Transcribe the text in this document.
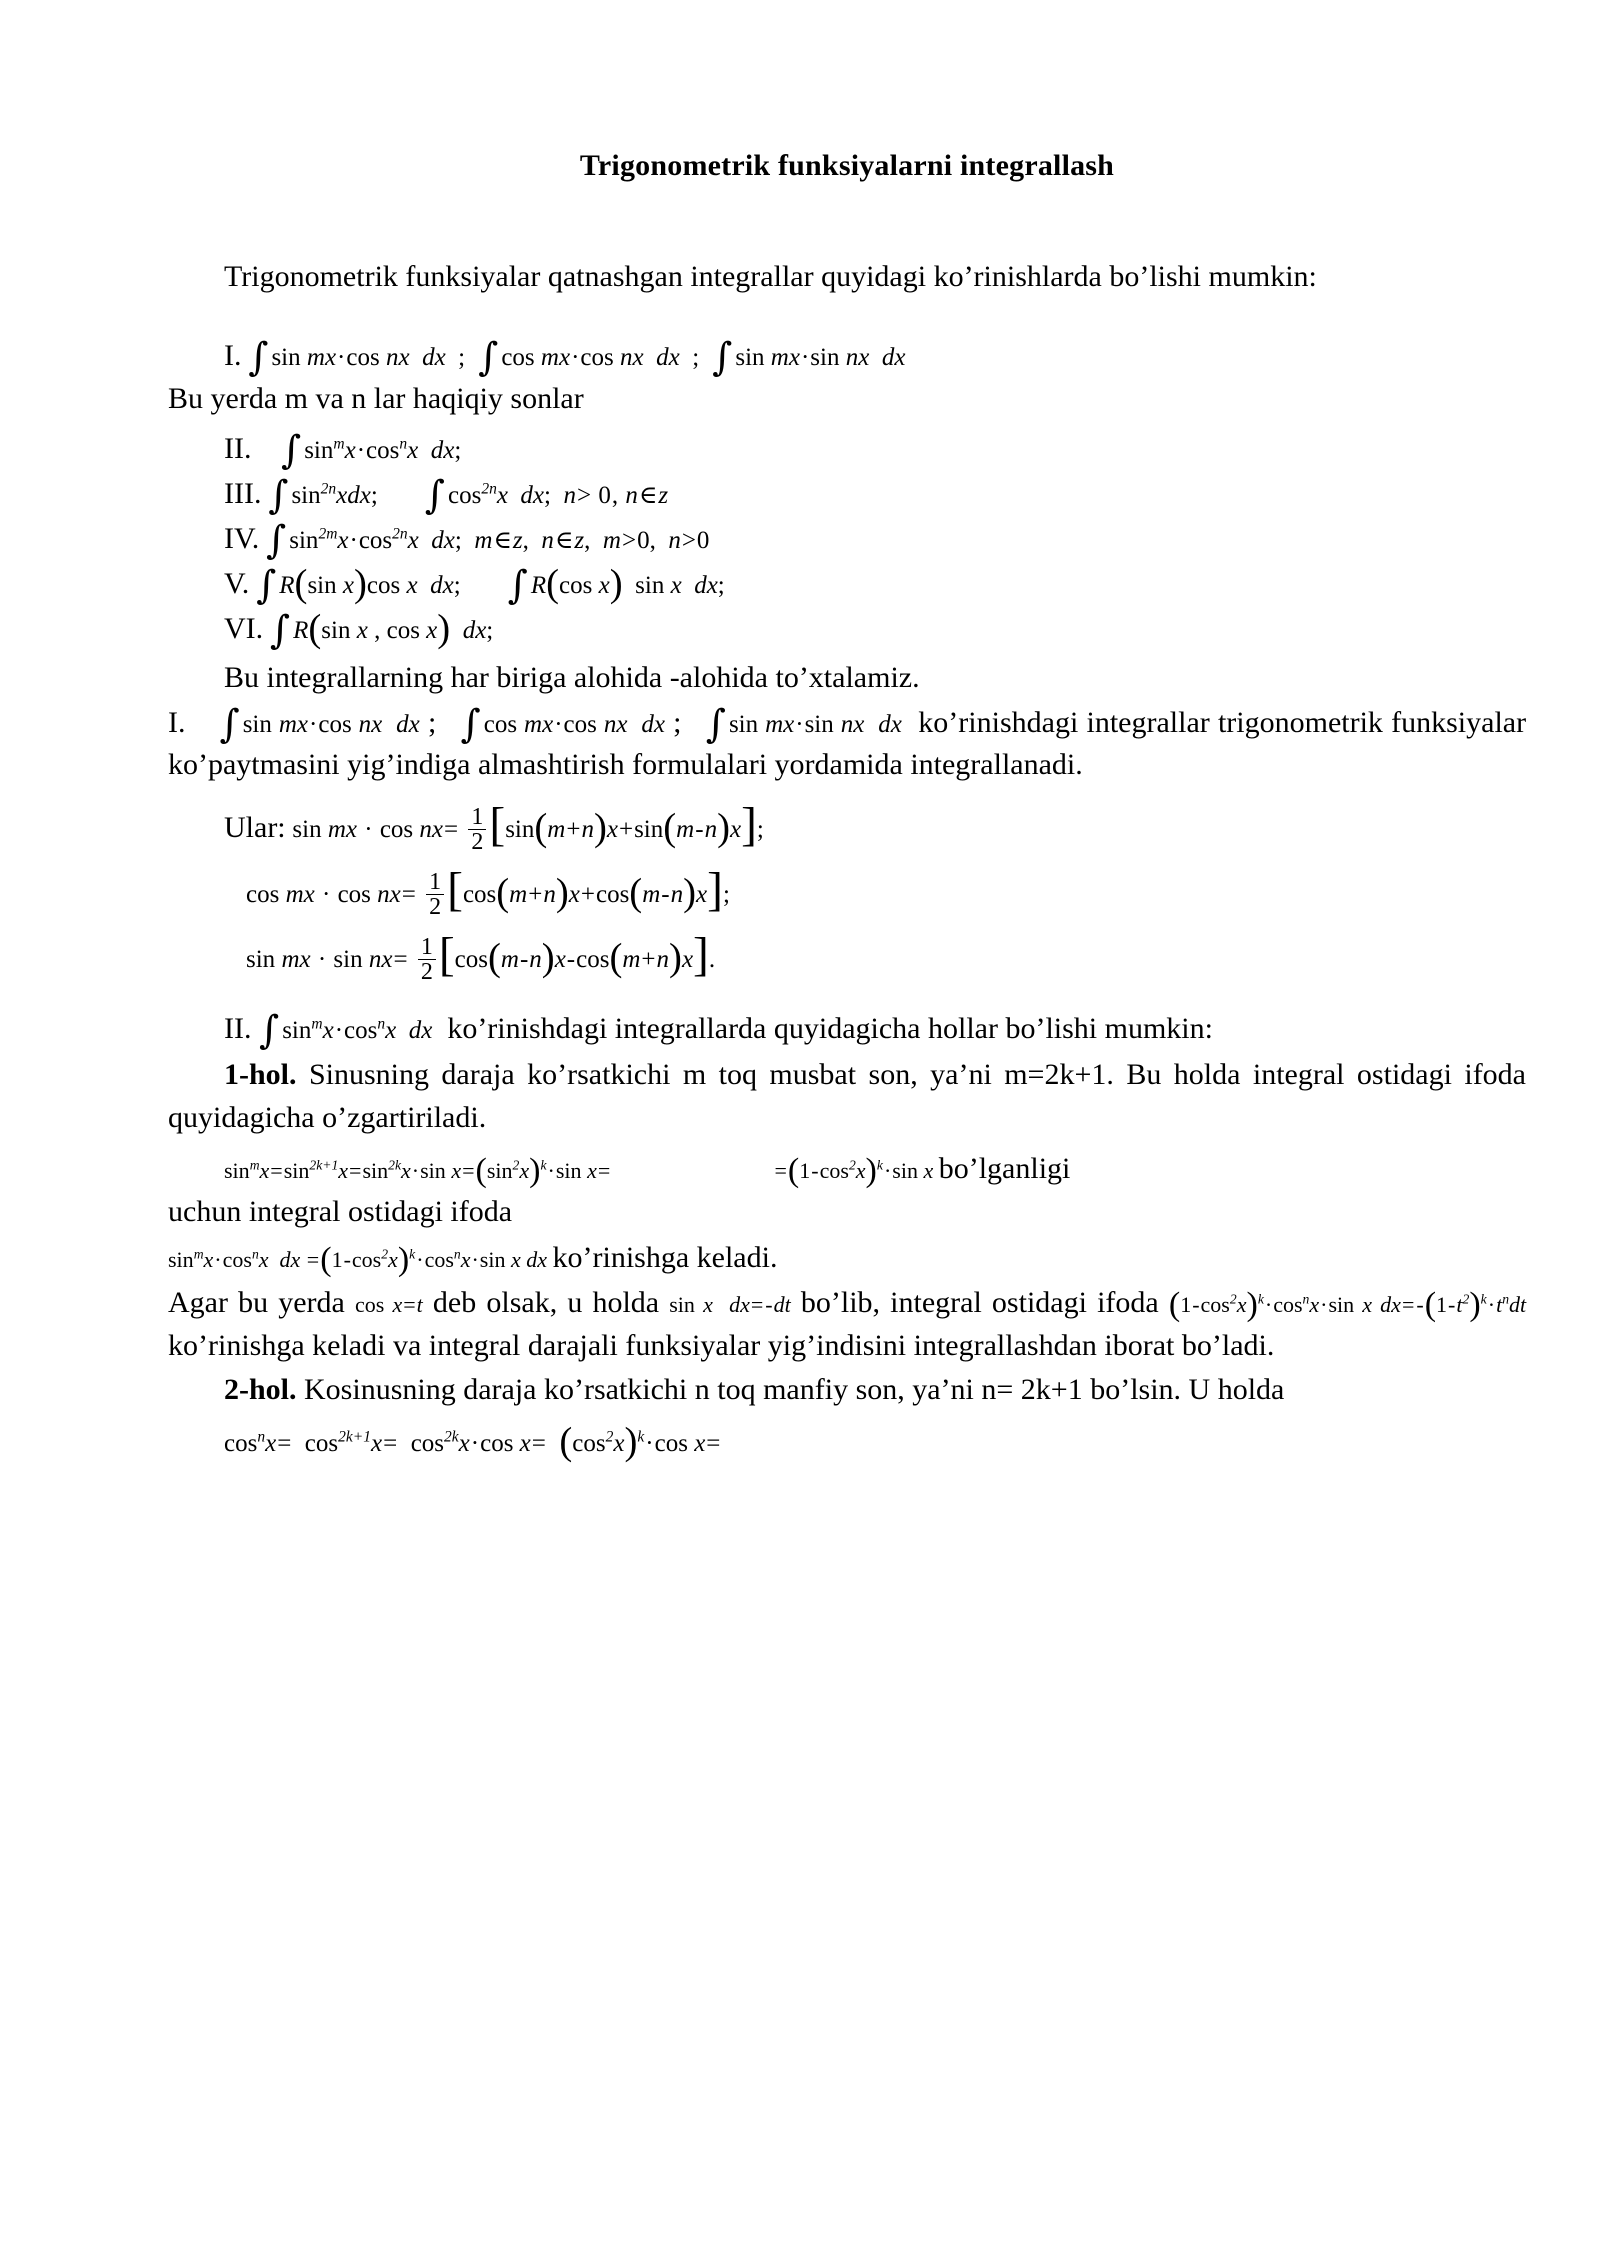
Trigonometrik funksiyalarni integrallash

Trigonometrik funksiyalar qatnashgan integrallar quyidagi ko’rinishlarda bo’lishi mumkin:

I. ∫ sin mx·cos nx dx  ;  ∫ cos mx·cos nx dx  ;  ∫ sin mx·sin nx dx

Bu yerda m va n lar haqiqiy sonlar

II. ∫ $\sin^mx\cdot\cos^nx$ dx;
III. ∫ $\sin^{2n}xdx$;  ∫ $\cos^{2n}x$ dx;  n> 0, n∈z
IV. ∫ $\sin^{2m}x\cdot\cos^{2n}x$ dx;  m∈z,  n∈z,  m>0,  n>0
V. ∫ R(sin x)cos x dx;  ∫ R(cos x) sin x dx;
VI. ∫ R(sin x , cos x) dx;

Bu integrallarning har biriga alohida -alohida to’xtalamiz.

I. ∫ sin mx·cos nx dx ; ∫ cos mx·cos nx dx ; ∫ sin mx·sin nx dx ko’rinishdagi integrallar trigonometrik funksiyalar ko’paytmasini yig’indiga almashtirish formulalari yordamida integrallanadi.

Ular: sin mx · $\cos nx= \frac{1}{2} [\sin(m+n)x+\sin(m-n)x]$;
cos mx · $\cos nx= \frac{1}{2} [\cos(m+n)x+\cos(m-n)x]$;
sin mx · $\sin nx= \frac{1}{2} [\cos(m-n)x-\cos(m+n)x]$.

II. ∫ $\sin^mx\cdot\cos^nx$ dx ko’rinishdagi integrallarda quyidagicha hollar bo’lishi mumkin:

1-hol. Sinusning daraja ko’rsatkichi m toq musbat son, ya’ni m=2k+1. Bu holda integral ostidagi ifoda quyidagicha o’zgartiriladi.

$\sin^mx=\sin^{2k+1}x=\sin^{2k}x\cdot\sin$ $x=(\sin^2x)^k\cdot\sin$ x=	$=(1-\cos^2x)^k\cdot\sin$ x bo’lganligi

uchun integral ostidagi ifoda

$\sin^mx\cdot\cos^nx$ dx $=(1-\cos^2x)^k\cdot\cos^nx\cdot\sin$ x dx ko’rinishga keladi.

Agar bu yerda cos x=t deb olsak, u holda sin x dx=-dt bo’lib, integral ostidagi ifoda $(1-\cos^2x)^k\cdot\cos^nx\cdot\sin$ x $dx=-(1-t^2)^k\cdot t^ndt$ ko’rinishga keladi va integral darajali funksiyalar yig’indisini integrallashdan iborat bo’ladi.

2-hol. Kosinusning daraja ko’rsatkichi n toq manfiy son, ya’ni n= 2k+1 bo’lsin. U holda

$\cos^nx= \cos^{2k+1}x= \cos^{2k}x\cdot\cos$ $x= (\cos^2x)^k\cdot\cos$ x=
